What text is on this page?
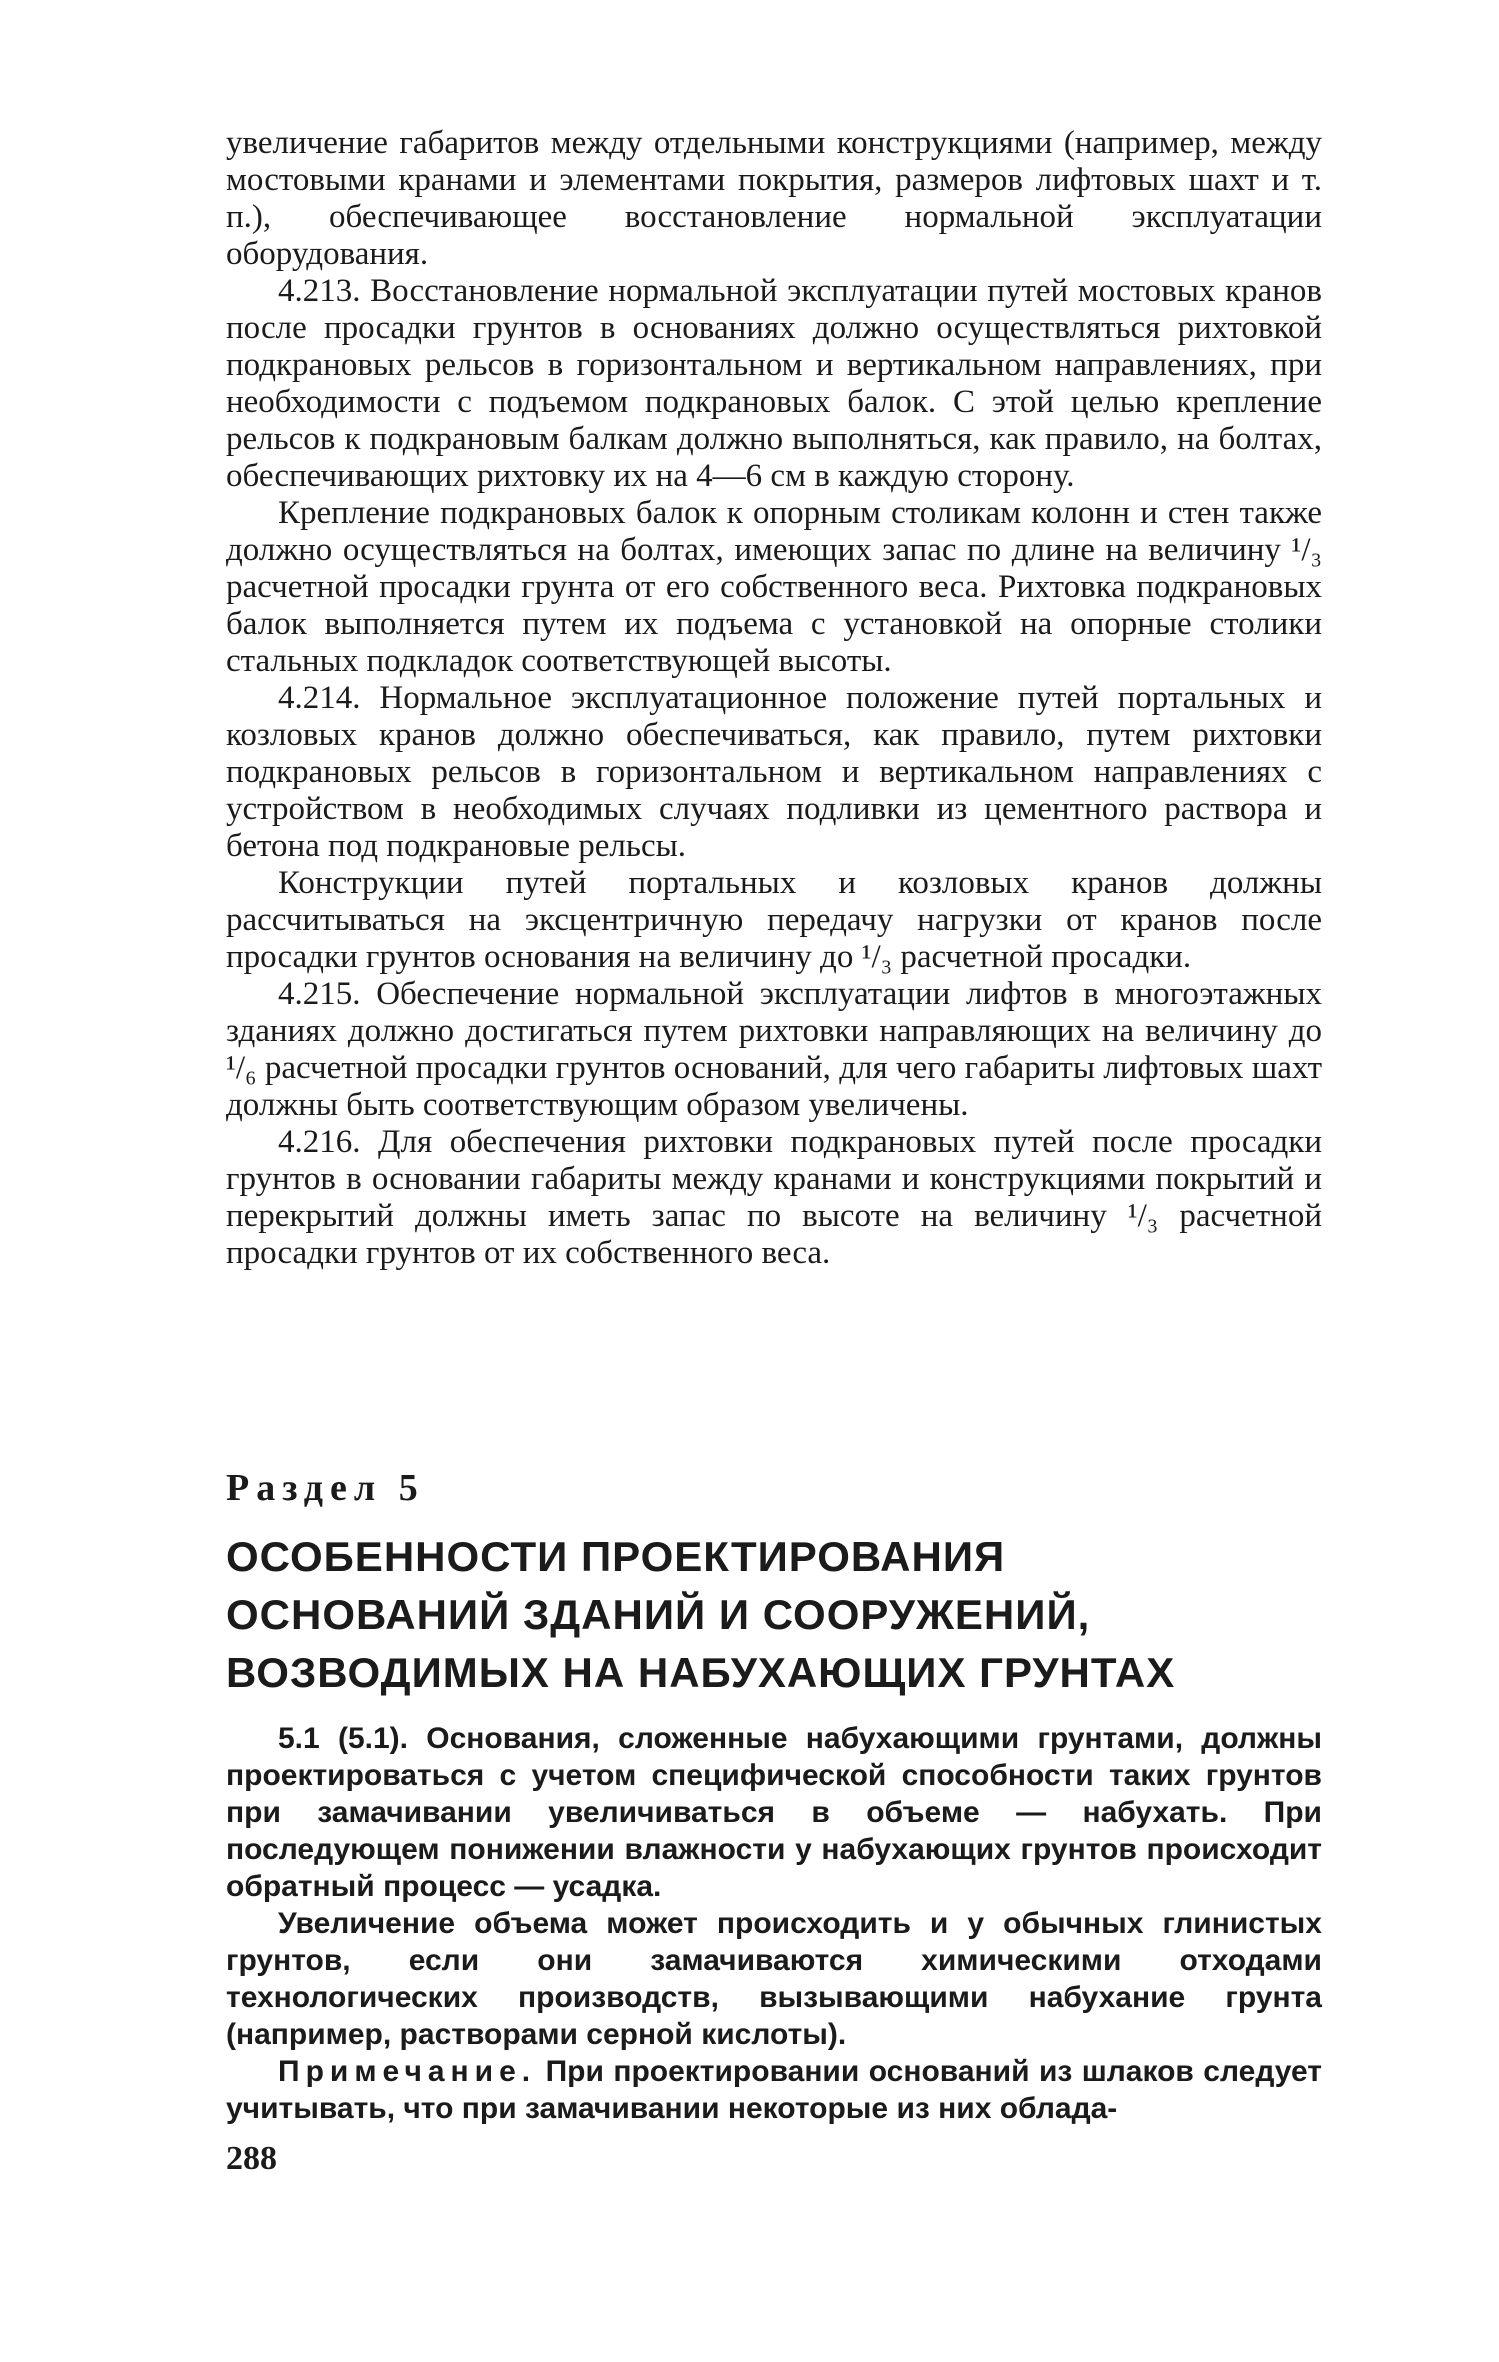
увеличение габаритов между отдельными конструкциями (например, между мостовыми кранами и элементами покрытия, размеров лифтовых шахт и т. п.), обеспечивающее восстановление нормальной эксплуатации оборудования.

4.213. Восстановление нормальной эксплуатации путей мостовых кранов после просадки грунтов в основаниях должно осуществляться рихтовкой подкрановых рельсов в горизонтальном и вертикальном направлениях, при необходимости с подъемом подкрановых балок. С этой целью крепление рельсов к подкрановым балкам должно выполняться, как правило, на болтах, обеспечивающих рихтовку их на 4—6 см в каждую сторону.

Крепление подкрановых балок к опорным столикам колонн и стен также должно осуществляться на болтах, имеющих запас по длине на величину ¹/₃ расчетной просадки грунта от его собственного веса. Рихтовка подкрановых балок выполняется путем их подъема с установкой на опорные столики стальных подкладок соответствующей высоты.

4.214. Нормальное эксплуатационное положение путей портальных и козловых кранов должно обеспечиваться, как правило, путем рихтовки подкрановых рельсов в горизонтальном и вертикальном направлениях с устройством в необходимых случаях подливки из цементного раствора и бетона под подкрановые рельсы.

Конструкции путей портальных и козловых кранов должны рассчитываться на эксцентричную передачу нагрузки от кранов после просадки грунтов основания на величину до ¹/₃ расчетной просадки.

4.215. Обеспечение нормальной эксплуатации лифтов в многоэтажных зданиях должно достигаться путем рихтовки направляющих на величину до ¹/₆ расчетной просадки грунтов оснований, для чего габариты лифтовых шахт должны быть соответствующим образом увеличены.

4.216. Для обеспечения рихтовки подкрановых путей после просадки грунтов в основании габариты между кранами и конструкциями покрытий и перекрытий должны иметь запас по высоте на величину ¹/₃ расчетной просадки грунтов от их собственного веса.

Раздел 5
ОСОБЕННОСТИ ПРОЕКТИРОВАНИЯ
ОСНОВАНИЙ ЗДАНИЙ И СООРУЖЕНИЙ,
ВОЗВОДИМЫХ НА НАБУХАЮЩИХ ГРУНТАХ

5.1 (5.1). Основания, сложенные набухающими грунтами, должны проектироваться с учетом специфической способности таких грунтов при замачивании увеличиваться в объеме — набухать. При последующем понижении влажности у набухающих грунтов происходит обратный процесс — усадка.

Увеличение объема может происходить и у обычных глинистых грунтов, если они замачиваются химическими отходами технологических производств, вызывающими набухание грунта (например, растворами серной кислоты).

Примечание. При проектировании оснований из шлаков следует учитывать, что при замачивании некоторые из них облада-

288
